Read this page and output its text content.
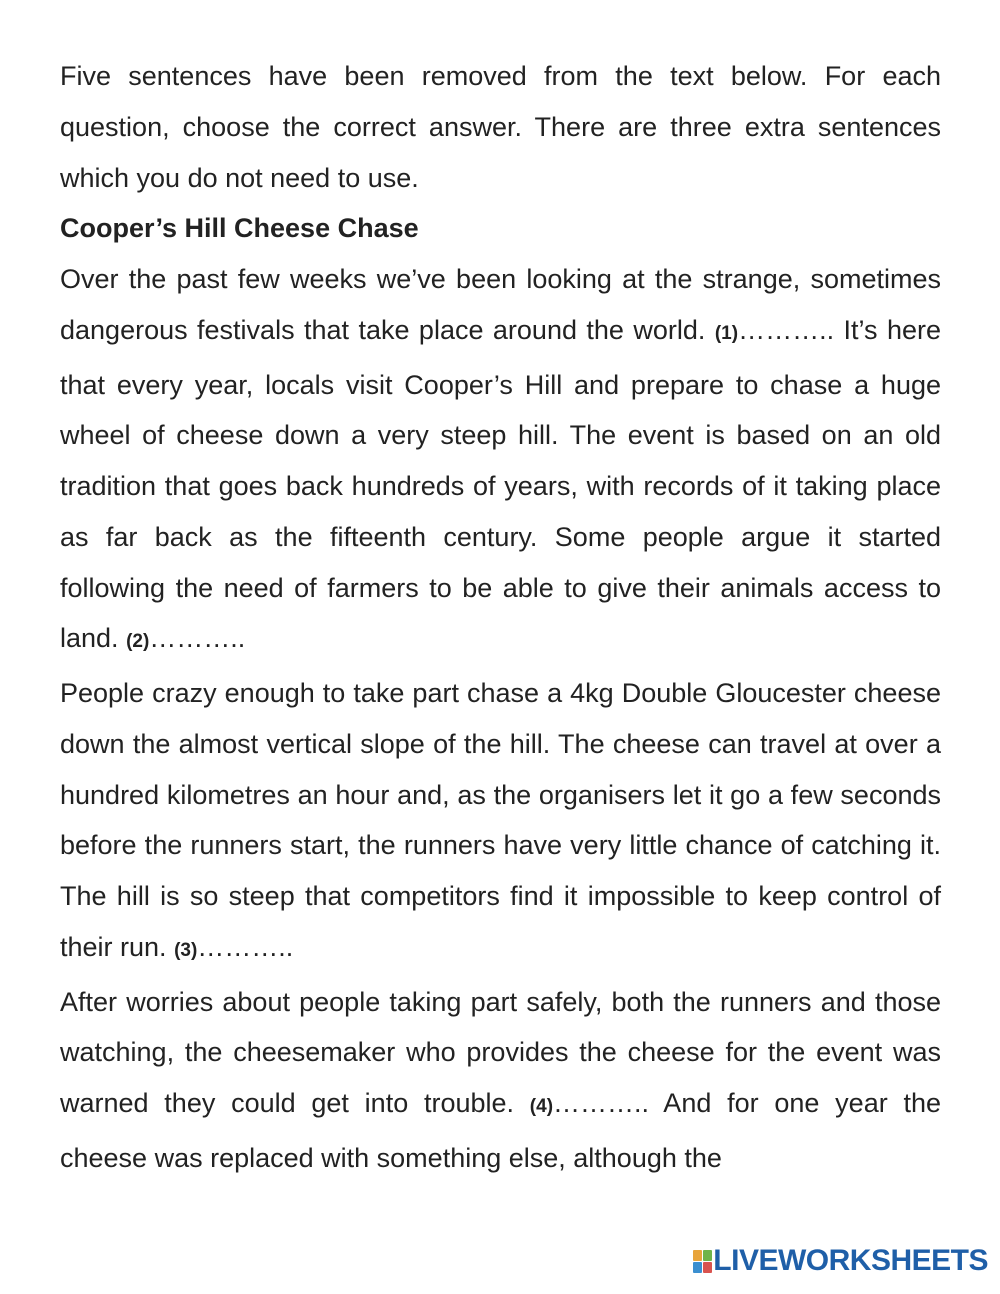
Five sentences have been removed from the text below. For each question, choose the correct answer. There are three extra sentences which you do not need to use.

Cooper’s Hill Cheese Chase

Over the past few weeks we’ve been looking at the strange, sometimes dangerous festivals that take place around the world. (1)……….. It’s here that every year, locals visit Cooper’s Hill and prepare to chase a huge wheel of cheese down a very steep hill. The event is based on an old tradition that goes back hundreds of years, with records of it taking place as far back as the fifteenth century. Some people argue it started following the need of farmers to be able to give their animals access to land. (2)………..

People crazy enough to take part chase a 4kg Double Gloucester cheese down the almost vertical slope of the hill. The cheese can travel at over a hundred kilometres an hour and, as the organisers let it go a few seconds before the runners start, the runners have very little chance of catching it. The hill is so steep that competitors find it impossible to keep control of their run. (3)………..

After worries about people taking part safely, both the runners and those watching, the cheesemaker who provides the cheese for the event was warned they could get into trouble. (4)……….. And for one year the cheese was replaced with something else, although the

LIVEWORKSHEETS
